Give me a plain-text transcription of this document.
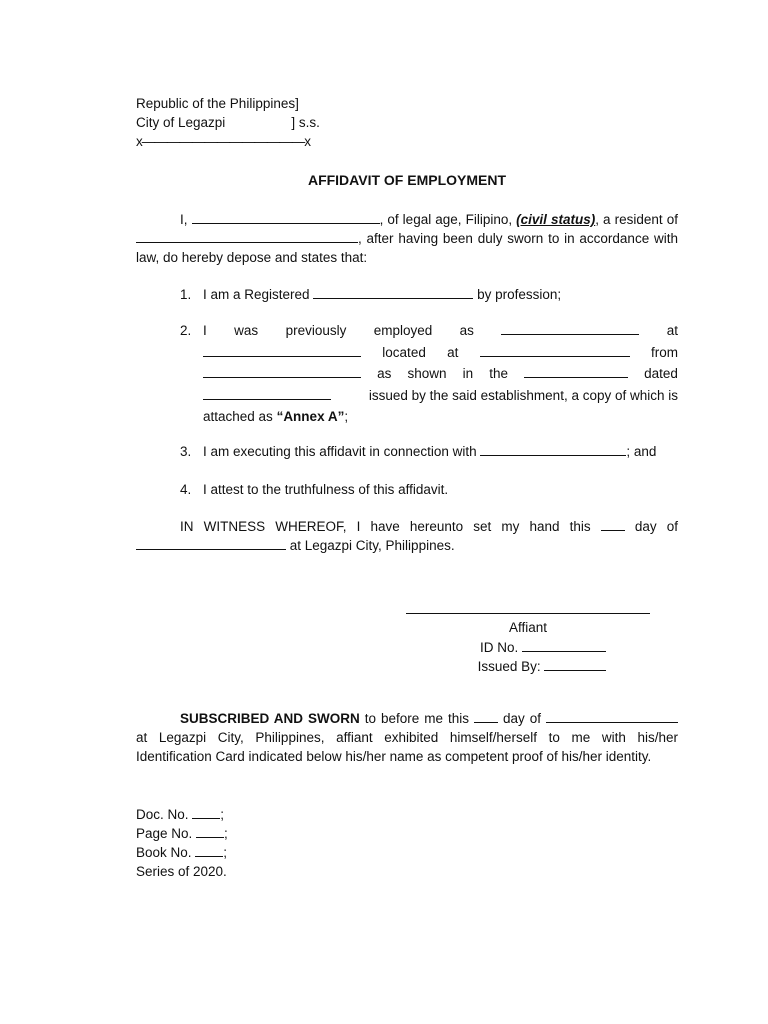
Republic of the Philippines]
City of Legazpi	] s.s.
x—————————————x
AFFIDAVIT OF EMPLOYMENT
I,	, of legal age, Filipino, (civil status), a resident of , after having been duly sworn to in accordance with law, do hereby depose and states that:
1. I am a Registered	by profession;
2. I was previously employed as	at
located at	from
as shown in the	dated
issued by the said establishment, a copy of which is
attached as “Annex A”;
3. I am executing this affidavit in connection with	; and
4. I attest to the truthfulness of this affidavit.
IN WITNESS WHEREOF, I have hereunto set my hand this  day of  at Legazpi City, Philippines.
Affiant
ID No.
Issued By:
SUBSCRIBED AND SWORN to before me this  day of  at Legazpi City, Philippines, affiant exhibited himself/herself to me with his/her Identification Card indicated below his/her name as competent proof of his/her identity.
Doc. No. ;
Page No. ;
Book No. ;
Series of 2020.
